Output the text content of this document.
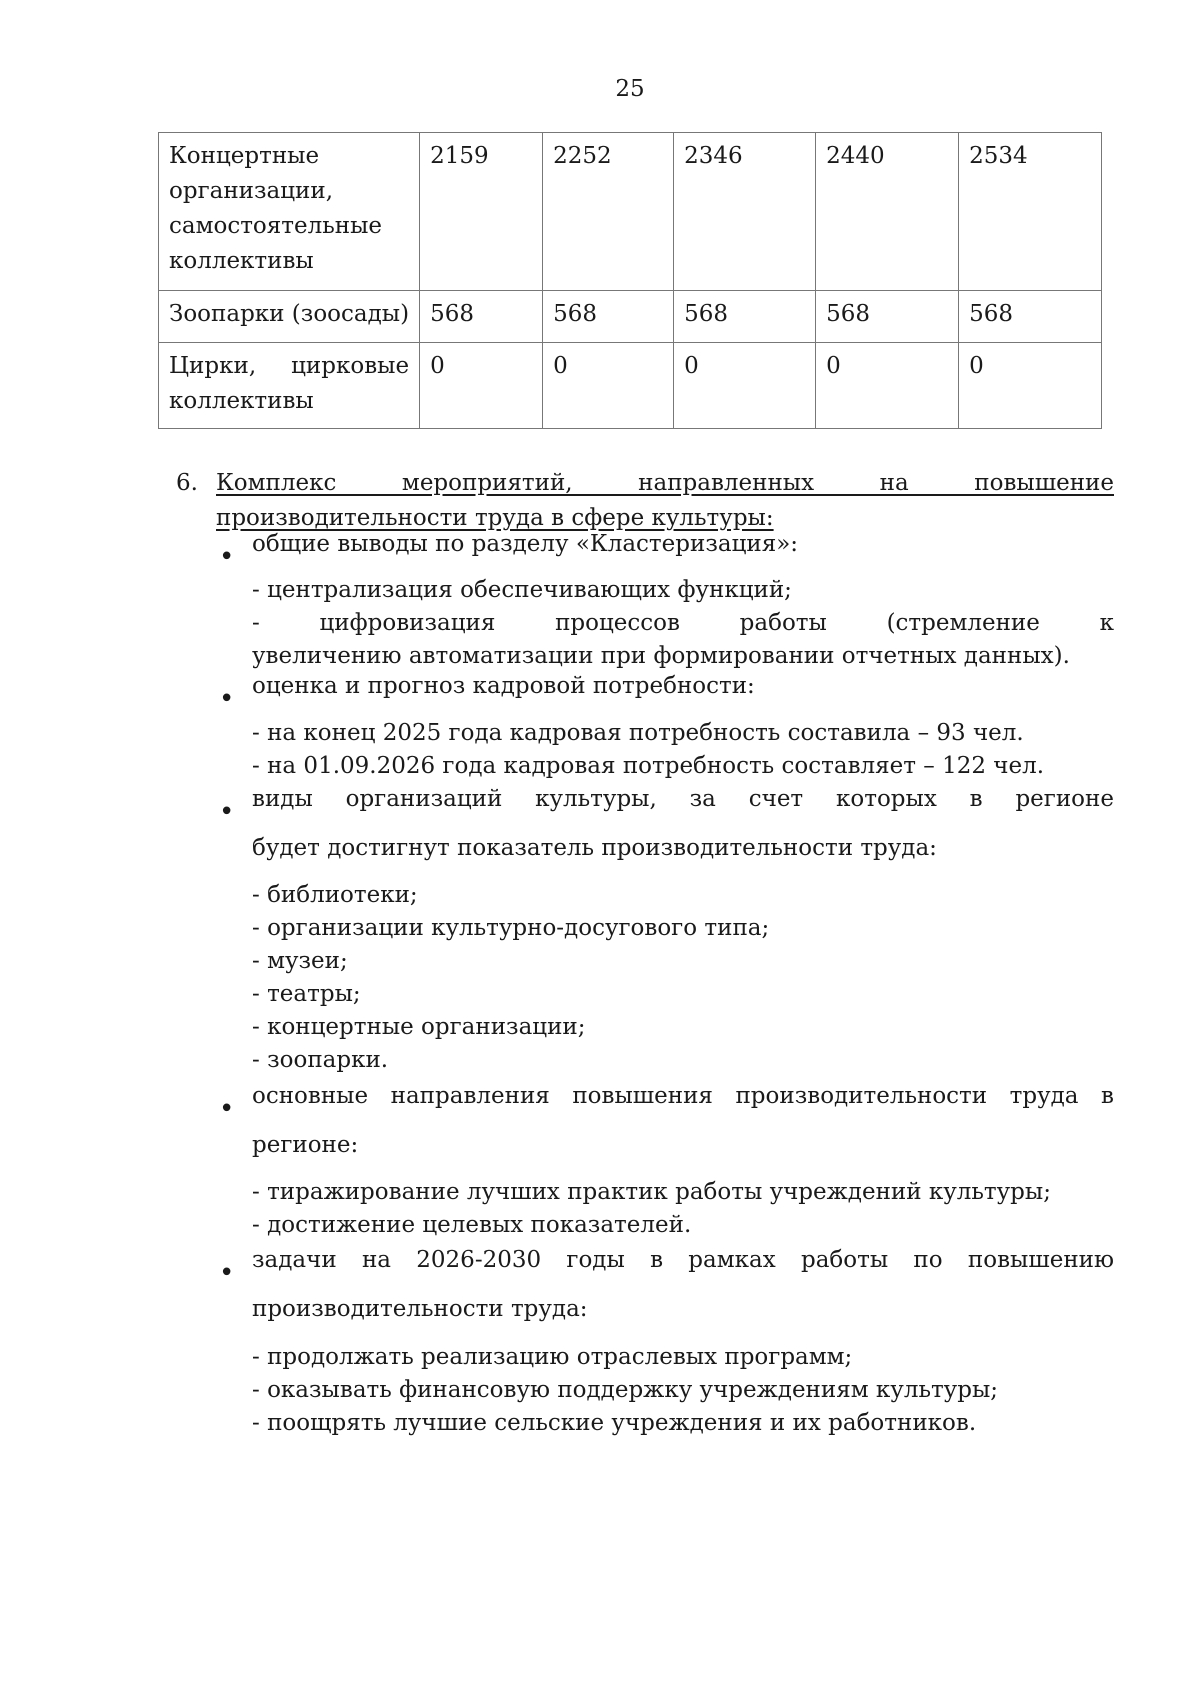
25
Концертные организации, самостоятельные коллективы	2159	2252	2346	2440	2534
Зоопарки (зоосады)	568	568	568	568	568
Цирки, цирковые коллективы	0	0	0	0	0
6. Комплекс мероприятий, направленных на повышение производительности труда в сфере культуры:
• общие выводы по разделу «Кластеризация»:
- централизация обеспечивающих функций;
-	цифровизация	процессов	работы	(стремление	к
увеличению автоматизации при формировании отчетных данных).
• оценка и прогноз кадровой потребности:
- на конец 2025 года кадровая потребность составила – 93 чел.
- на 01.09.2026 года кадровая потребность составляет – 122 чел.
• виды организаций культуры, за счет которых в регионе
будет достигнут показатель производительности труда:
- библиотеки;
- организации культурно-досугового типа;
- музеи;
- театры;
- концертные организации;
- зоопарки.
• основные направления повышения производительности труда в
регионе:
- тиражирование лучших практик работы учреждений культуры;
- достижение целевых показателей.
• задачи на 2026-2030 годы в рамках работы по повышению
производительности труда:
- продолжать реализацию отраслевых программ;
- оказывать финансовую поддержку учреждениям культуры;
- поощрять лучшие сельские учреждения и их работников.
